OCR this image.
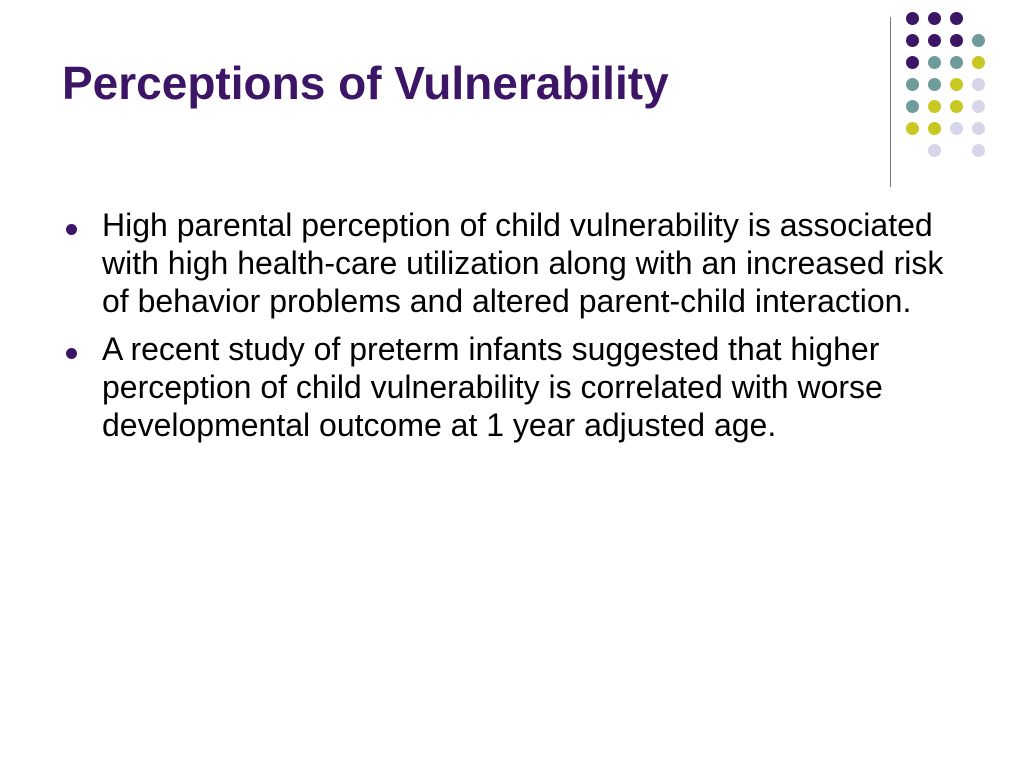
Perceptions of Vulnerability
High parental perception of child vulnerability is associated with high health-care utilization along with an increased risk of behavior problems and altered parent-child interaction.
A recent study of preterm infants suggested that higher perception of child vulnerability is correlated with worse developmental outcome at 1 year adjusted age.
